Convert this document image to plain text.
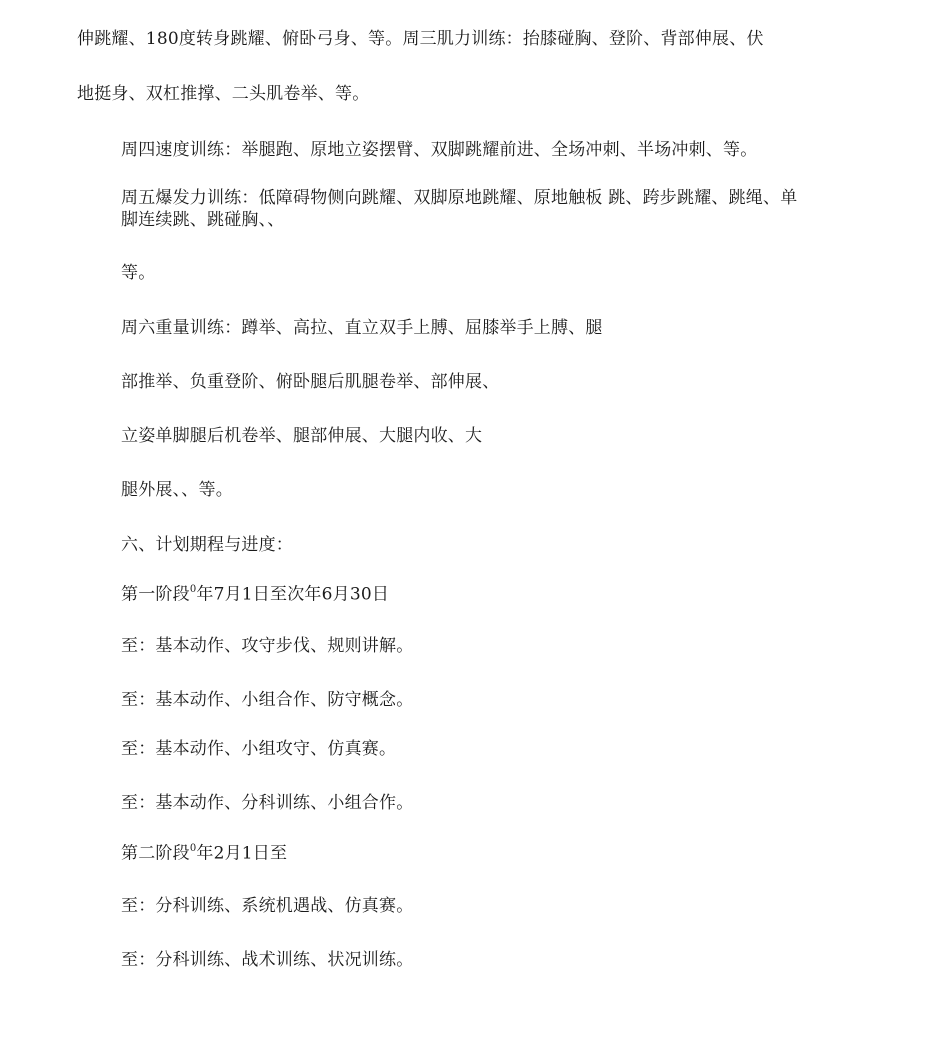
伸跳耀、180度转身跳耀、俯卧弓身、等。周三肌力训练：抬膝碰胸、登阶、背部伸展、伏
地挺身、双杠推撑、二头肌卷举、等。
周四速度训练：举腿跑、原地立姿摆臂、双脚跳耀前进、全场冲刺、半场冲刺、等。
周五爆发力训练：低障碍物侧向跳耀、双脚原地跳耀、原地触板 跳、跨步跳耀、跳绳、单脚连续跳、跳碰胸、、
等。
周六重量训练：蹲举、高拉、直立双手上膊、屈膝举手上膊、腿
部推举、负重登阶、俯卧腿后肌腿卷举、部伸展、
立姿单脚腿后机卷举、腿部伸展、大腿内收、大
腿外展、、等。
六、计划期程与进度：
第一阶段$^0$年7月1日至次年6月30日
至：基本动作、攻守步伐、规则讲解。
至：基本动作、小组合作、防守概念。
至：基本动作、小组攻守、仿真赛。
至：基本动作、分科训练、小组合作。
第二阶段$^0$年2月1日至
至：分科训练、系统机遇战、仿真赛。
至：分科训练、战术训练、状况训练。
